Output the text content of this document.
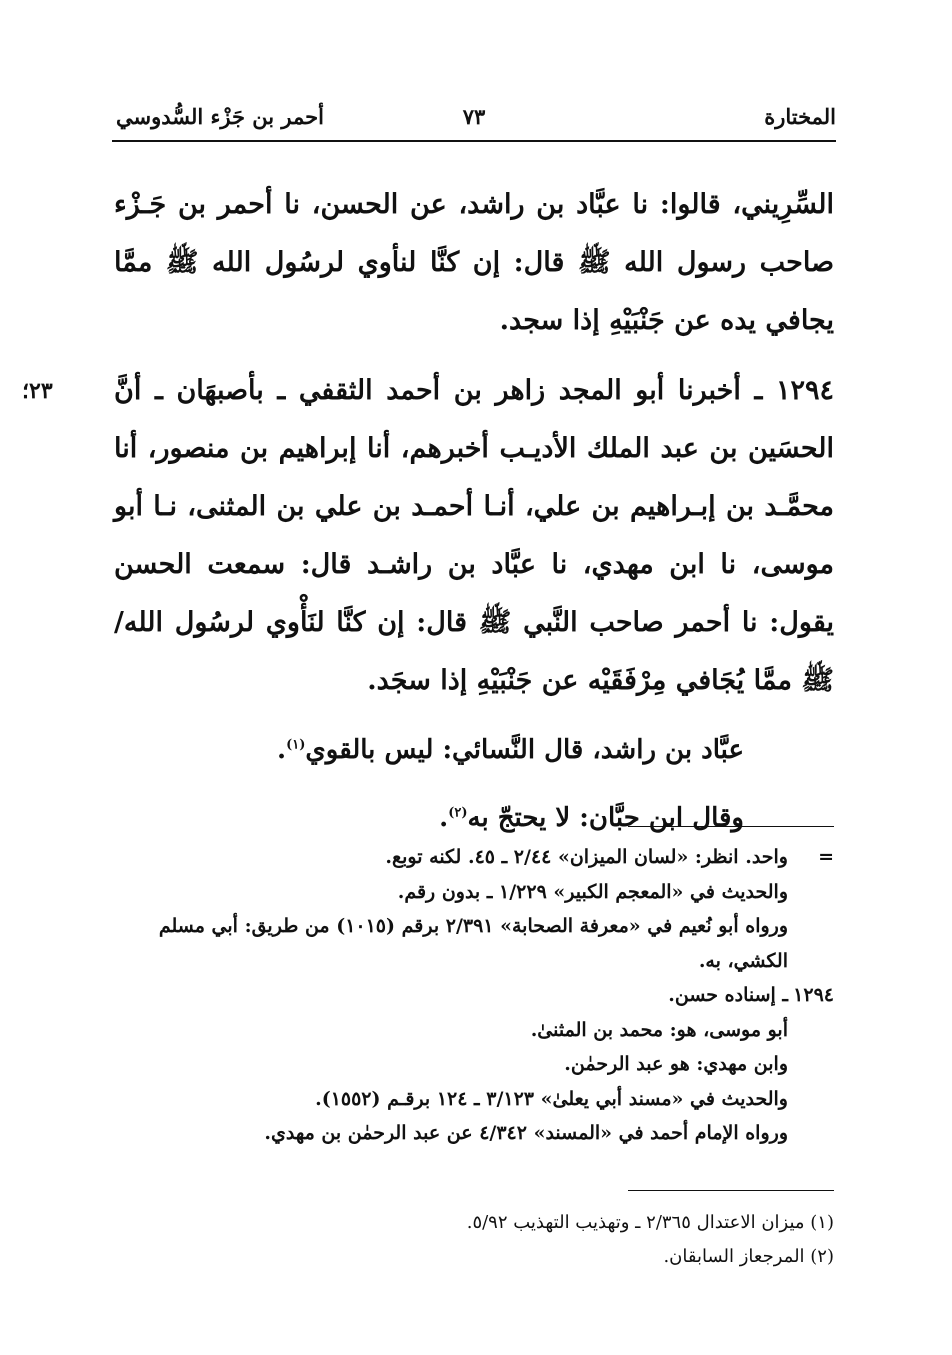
المختارة
٧٣
أحمر بن جَزْء السُّدوسي

السِّرِيني، قالوا: نا عبَّاد بن راشد، عن الحسن، نا أحمر بن جَـزْء صاحب رسول الله ﷺ قال: إن كنَّا لنأوي لرسُول الله ﷺ ممَّا يجافي يده عن جَنْبَيْهِ إذا سجد.

٢٣؛	١٢٩٤ ـ أخبرنا أبو المجد زاهر بن أحمد الثقفي ـ بأصبهَان ـ أنَّ الحسَين بن عبد الملك الأديـب أخبرهم، أنا إبراهيم بن منصور، أنا محمَّـد بن إبـراهيم بن علي، أنـا أحمـد بن علي بن المثنى، نـا أبو موسى، نا ابن مهدي، نا عبَّاد بن راشـد قال: سمعت الحسن يقول: نا أحمر صاحب النَّبي ﷺ قال: إن كنَّا لنَأْوي لرسُول الله/ ﷺ ممَّا يُجَافي مِرْفَقَيْه عن جَنْبَيْهِ إذا سجَد.

عبَّاد بن راشد، قال النَّسائي: ليس بالقوي$^{(١)}$.

وقال ابن حبَّان: لا يحتجّ به$^{(٢)}$.

=واحد. انظر: «لسان الميزان» ٢/٤٤ ـ ٤٥. لكنه توبع.

والحديث في «المعجم الكبير» ١/٢٢٩ ـ بدون رقم.

ورواه أبو نُعيم في «معرفة الصحابة» ٢/٣٩١ برقم (١٠١٥) من طريق: أبي مسلم

الكشي، به.

١٢٩٤ـ إسناده حسن.

أبو موسى، هو: محمد بن المثنىٰ.

وابن مهدي: هو عبد الرحمٰن.

والحديث في «مسند أبي يعلىٰ» ٣/١٢٣ ـ ١٢٤ برقـم (١٥٥٢).

ورواه الإمام أحمد في «المسند» ٤/٣٤٢ عن عبد الرحمٰن بن مهدي.

(١) ميزان الاعتدال ٢/٣٦٥ ـ وتهذيب التهذيب ٥/٩٢.

(٢) المرجعاز السابقان.
